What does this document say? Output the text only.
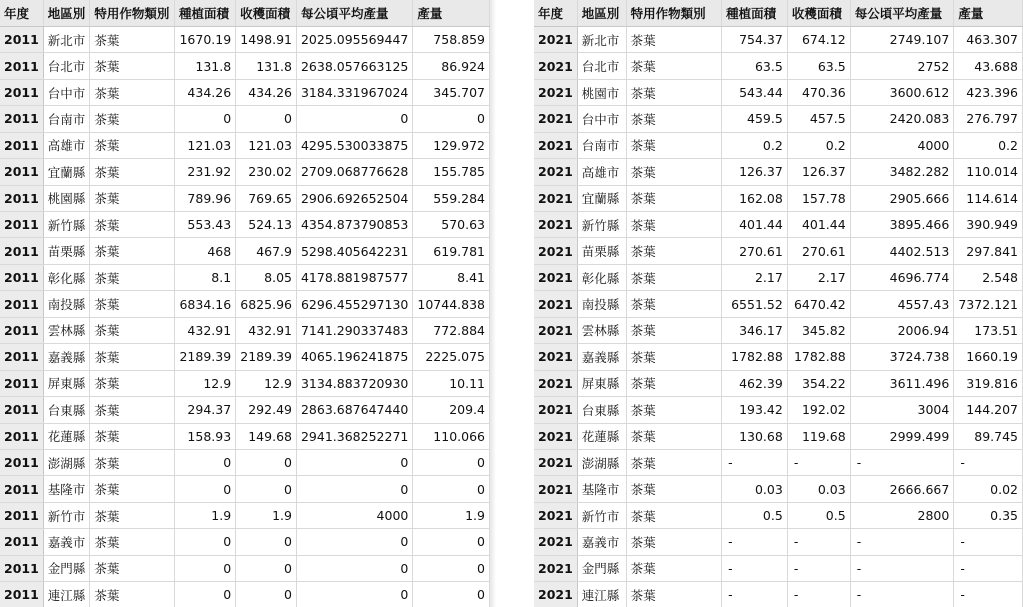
年度	地區別	特用作物類別	種植面積	收穫面積	每公頃平均產量	產量
2011	新北市	茶葉	1670.19	1498.91	2025.095569447	758.859
2011	台北市	茶葉	131.8	131.8	2638.057663125	86.924
2011	台中市	茶葉	434.26	434.26	3184.331967024	345.707
2011	台南市	茶葉	0	0	0	0
2011	高雄市	茶葉	121.03	121.03	4295.530033875	129.972
2011	宜蘭縣	茶葉	231.92	230.02	2709.068776628	155.785
2011	桃園縣	茶葉	789.96	769.65	2906.692652504	559.284
2011	新竹縣	茶葉	553.43	524.13	4354.873790853	570.63
2011	苗栗縣	茶葉	468	467.9	5298.405642231	619.781
2011	彰化縣	茶葉	8.1	8.05	4178.881987577	8.41
2011	南投縣	茶葉	6834.16	6825.96	6296.455297130	10744.838
2011	雲林縣	茶葉	432.91	432.91	7141.290337483	772.884
2011	嘉義縣	茶葉	2189.39	2189.39	4065.196241875	2225.075
2011	屏東縣	茶葉	12.9	12.9	3134.883720930	10.11
2011	台東縣	茶葉	294.37	292.49	2863.687647440	209.4
2011	花蓮縣	茶葉	158.93	149.68	2941.368252271	110.066
2011	澎湖縣	茶葉	0	0	0	0
2011	基隆市	茶葉	0	0	0	0
2011	新竹市	茶葉	1.9	1.9	4000	1.9
2011	嘉義市	茶葉	0	0	0	0
2011	金門縣	茶葉	0	0	0	0
2011	連江縣	茶葉	0	0	0	0
年度	地區別	特用作物類別	種植面積	收穫面積	每公頃平均產量	產量
2021	新北市	茶葉	754.37	674.12	2749.107	463.307
2021	台北市	茶葉	63.5	63.5	2752	43.688
2021	桃園市	茶葉	543.44	470.36	3600.612	423.396
2021	台中市	茶葉	459.5	457.5	2420.083	276.797
2021	台南市	茶葉	0.2	0.2	4000	0.2
2021	高雄市	茶葉	126.37	126.37	3482.282	110.014
2021	宜蘭縣	茶葉	162.08	157.78	2905.666	114.614
2021	新竹縣	茶葉	401.44	401.44	3895.466	390.949
2021	苗栗縣	茶葉	270.61	270.61	4402.513	297.841
2021	彰化縣	茶葉	2.17	2.17	4696.774	2.548
2021	南投縣	茶葉	6551.52	6470.42	4557.43	7372.121
2021	雲林縣	茶葉	346.17	345.82	2006.94	173.51
2021	嘉義縣	茶葉	1782.88	1782.88	3724.738	1660.19
2021	屏東縣	茶葉	462.39	354.22	3611.496	319.816
2021	台東縣	茶葉	193.42	192.02	3004	144.207
2021	花蓮縣	茶葉	130.68	119.68	2999.499	89.745
2021	澎湖縣	茶葉	-	-	-	-
2021	基隆市	茶葉	0.03	0.03	2666.667	0.02
2021	新竹市	茶葉	0.5	0.5	2800	0.35
2021	嘉義市	茶葉	-	-	-	-
2021	金門縣	茶葉	-	-	-	-
2021	連江縣	茶葉	-	-	-	-
